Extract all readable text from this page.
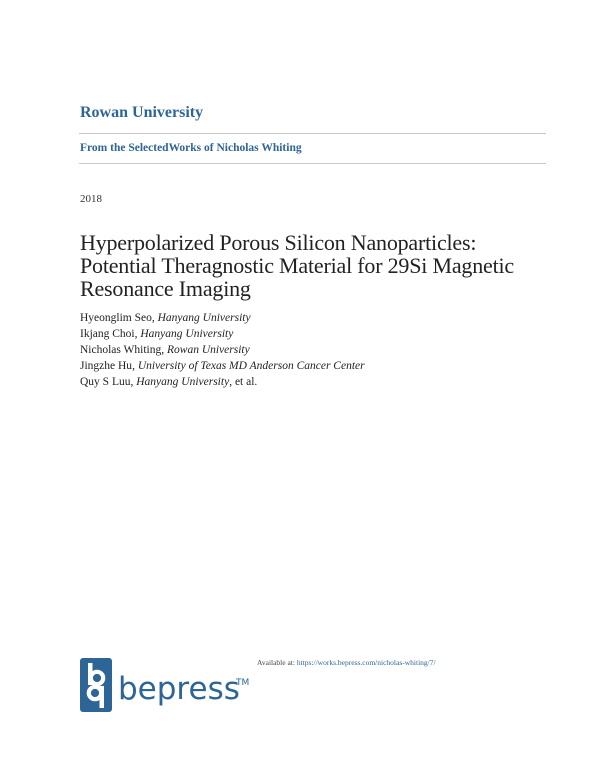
Rowan University
From the SelectedWorks of Nicholas Whiting
2018
Hyperpolarized Porous Silicon Nanoparticles: Potential Theragnostic Material for 29Si Magnetic Resonance Imaging
Hyeonglim Seo, Hanyang University
Ikjang Choi, Hanyang University
Nicholas Whiting, Rowan University
Jingzhe Hu, University of Texas MD Anderson Cancer Center
Quy S Luu, Hanyang University, et al.
bepress
TM
Available at: https://works.bepress.com/nicholas-whiting/7/
